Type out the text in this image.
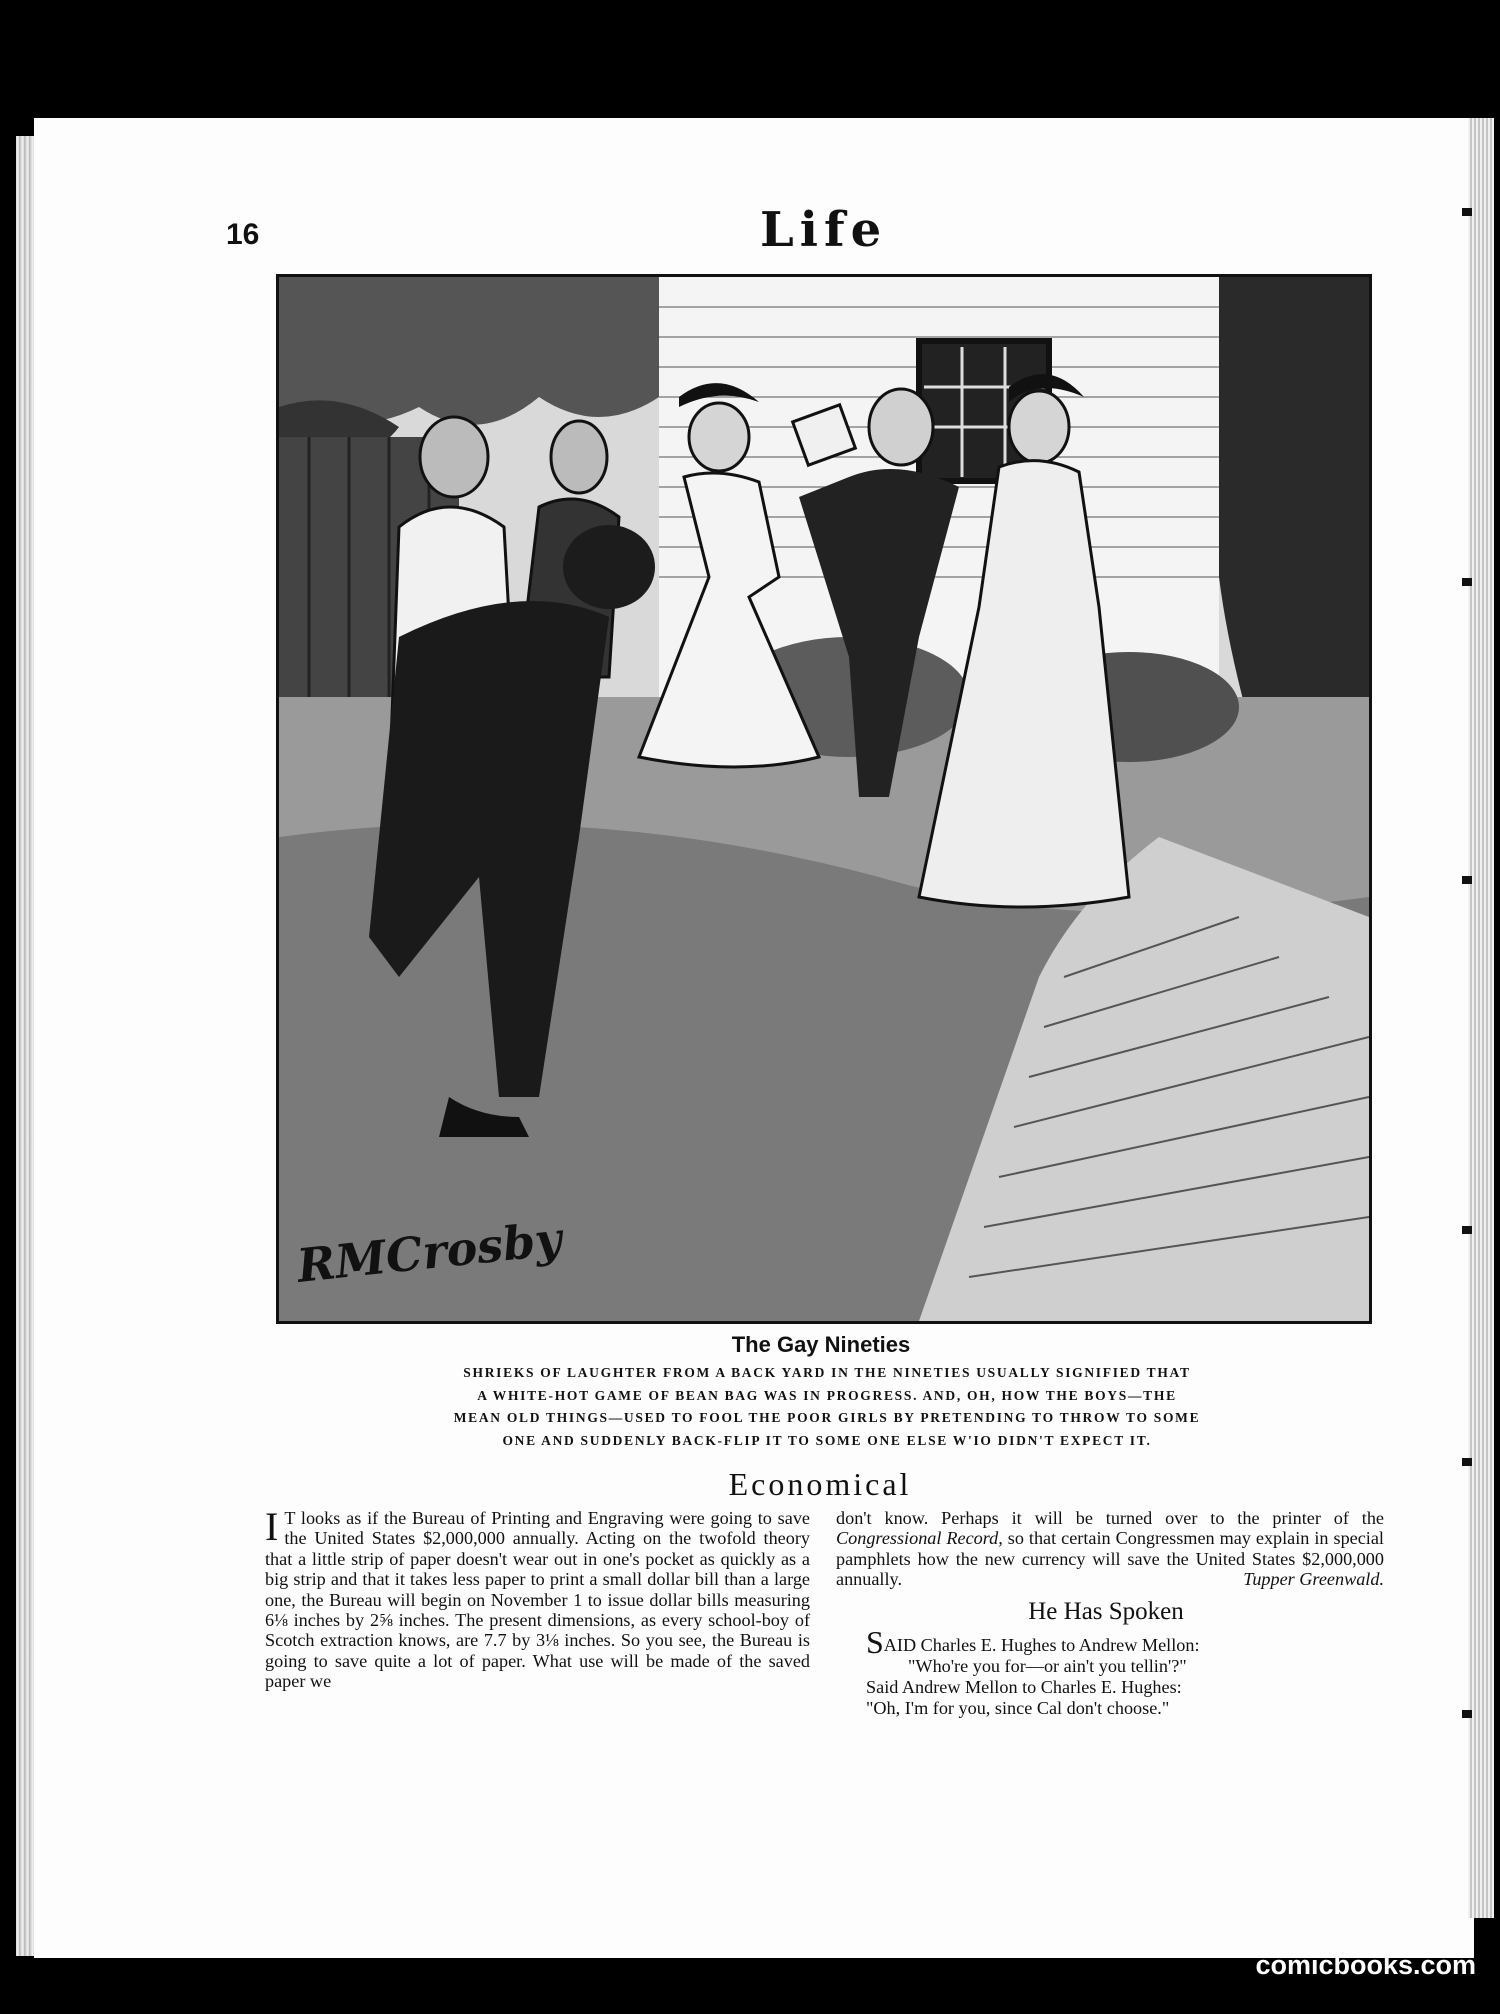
16	Life
RMCrosby
The Gay Nineties
SHRIEKS OF LAUGHTER FROM A BACK YARD IN THE NINETIES USUALLY SIGNIFIED THAT
A WHITE-HOT GAME OF BEAN BAG WAS IN PROGRESS. AND, OH, HOW THE BOYS—THE
MEAN OLD THINGS—USED TO FOOL THE POOR GIRLS BY PRETENDING TO THROW TO SOME
ONE AND SUDDENLY BACK-FLIP IT TO SOME ONE ELSE W'IO DIDN'T EXPECT IT.
Economical
I T looks as if the Bureau of Printing and Engraving were going to save the United States $2,000,000 annually. Acting on the twofold theory that a little strip of paper doesn't wear out in one's pocket as quickly as a big strip and that it takes less paper to print a small dollar bill than a large one, the Bureau will begin on November 1 to issue dollar bills measuring 6⅛ inches by 2⅝ inches. The present dimensions, as every school-boy of Scotch extraction knows, are 7.7 by 3⅛ inches. So you see, the Bureau is going to save quite a lot of paper. What use will be made of the saved paper we
don't know. Perhaps it will be turned over to the printer of the Congressional Record, so that certain Congressmen may explain in special pamphlets how the new currency will save the United States $2,000,000 annually.	Tupper Greenwald.
He Has Spoken
SAID Charles E. Hughes to Andrew Mellon:
"Who're you for—or ain't you tellin'?"
Said Andrew Mellon to Charles E. Hughes:
"Oh, I'm for you, since Cal don't choose."
comicbooks.com
